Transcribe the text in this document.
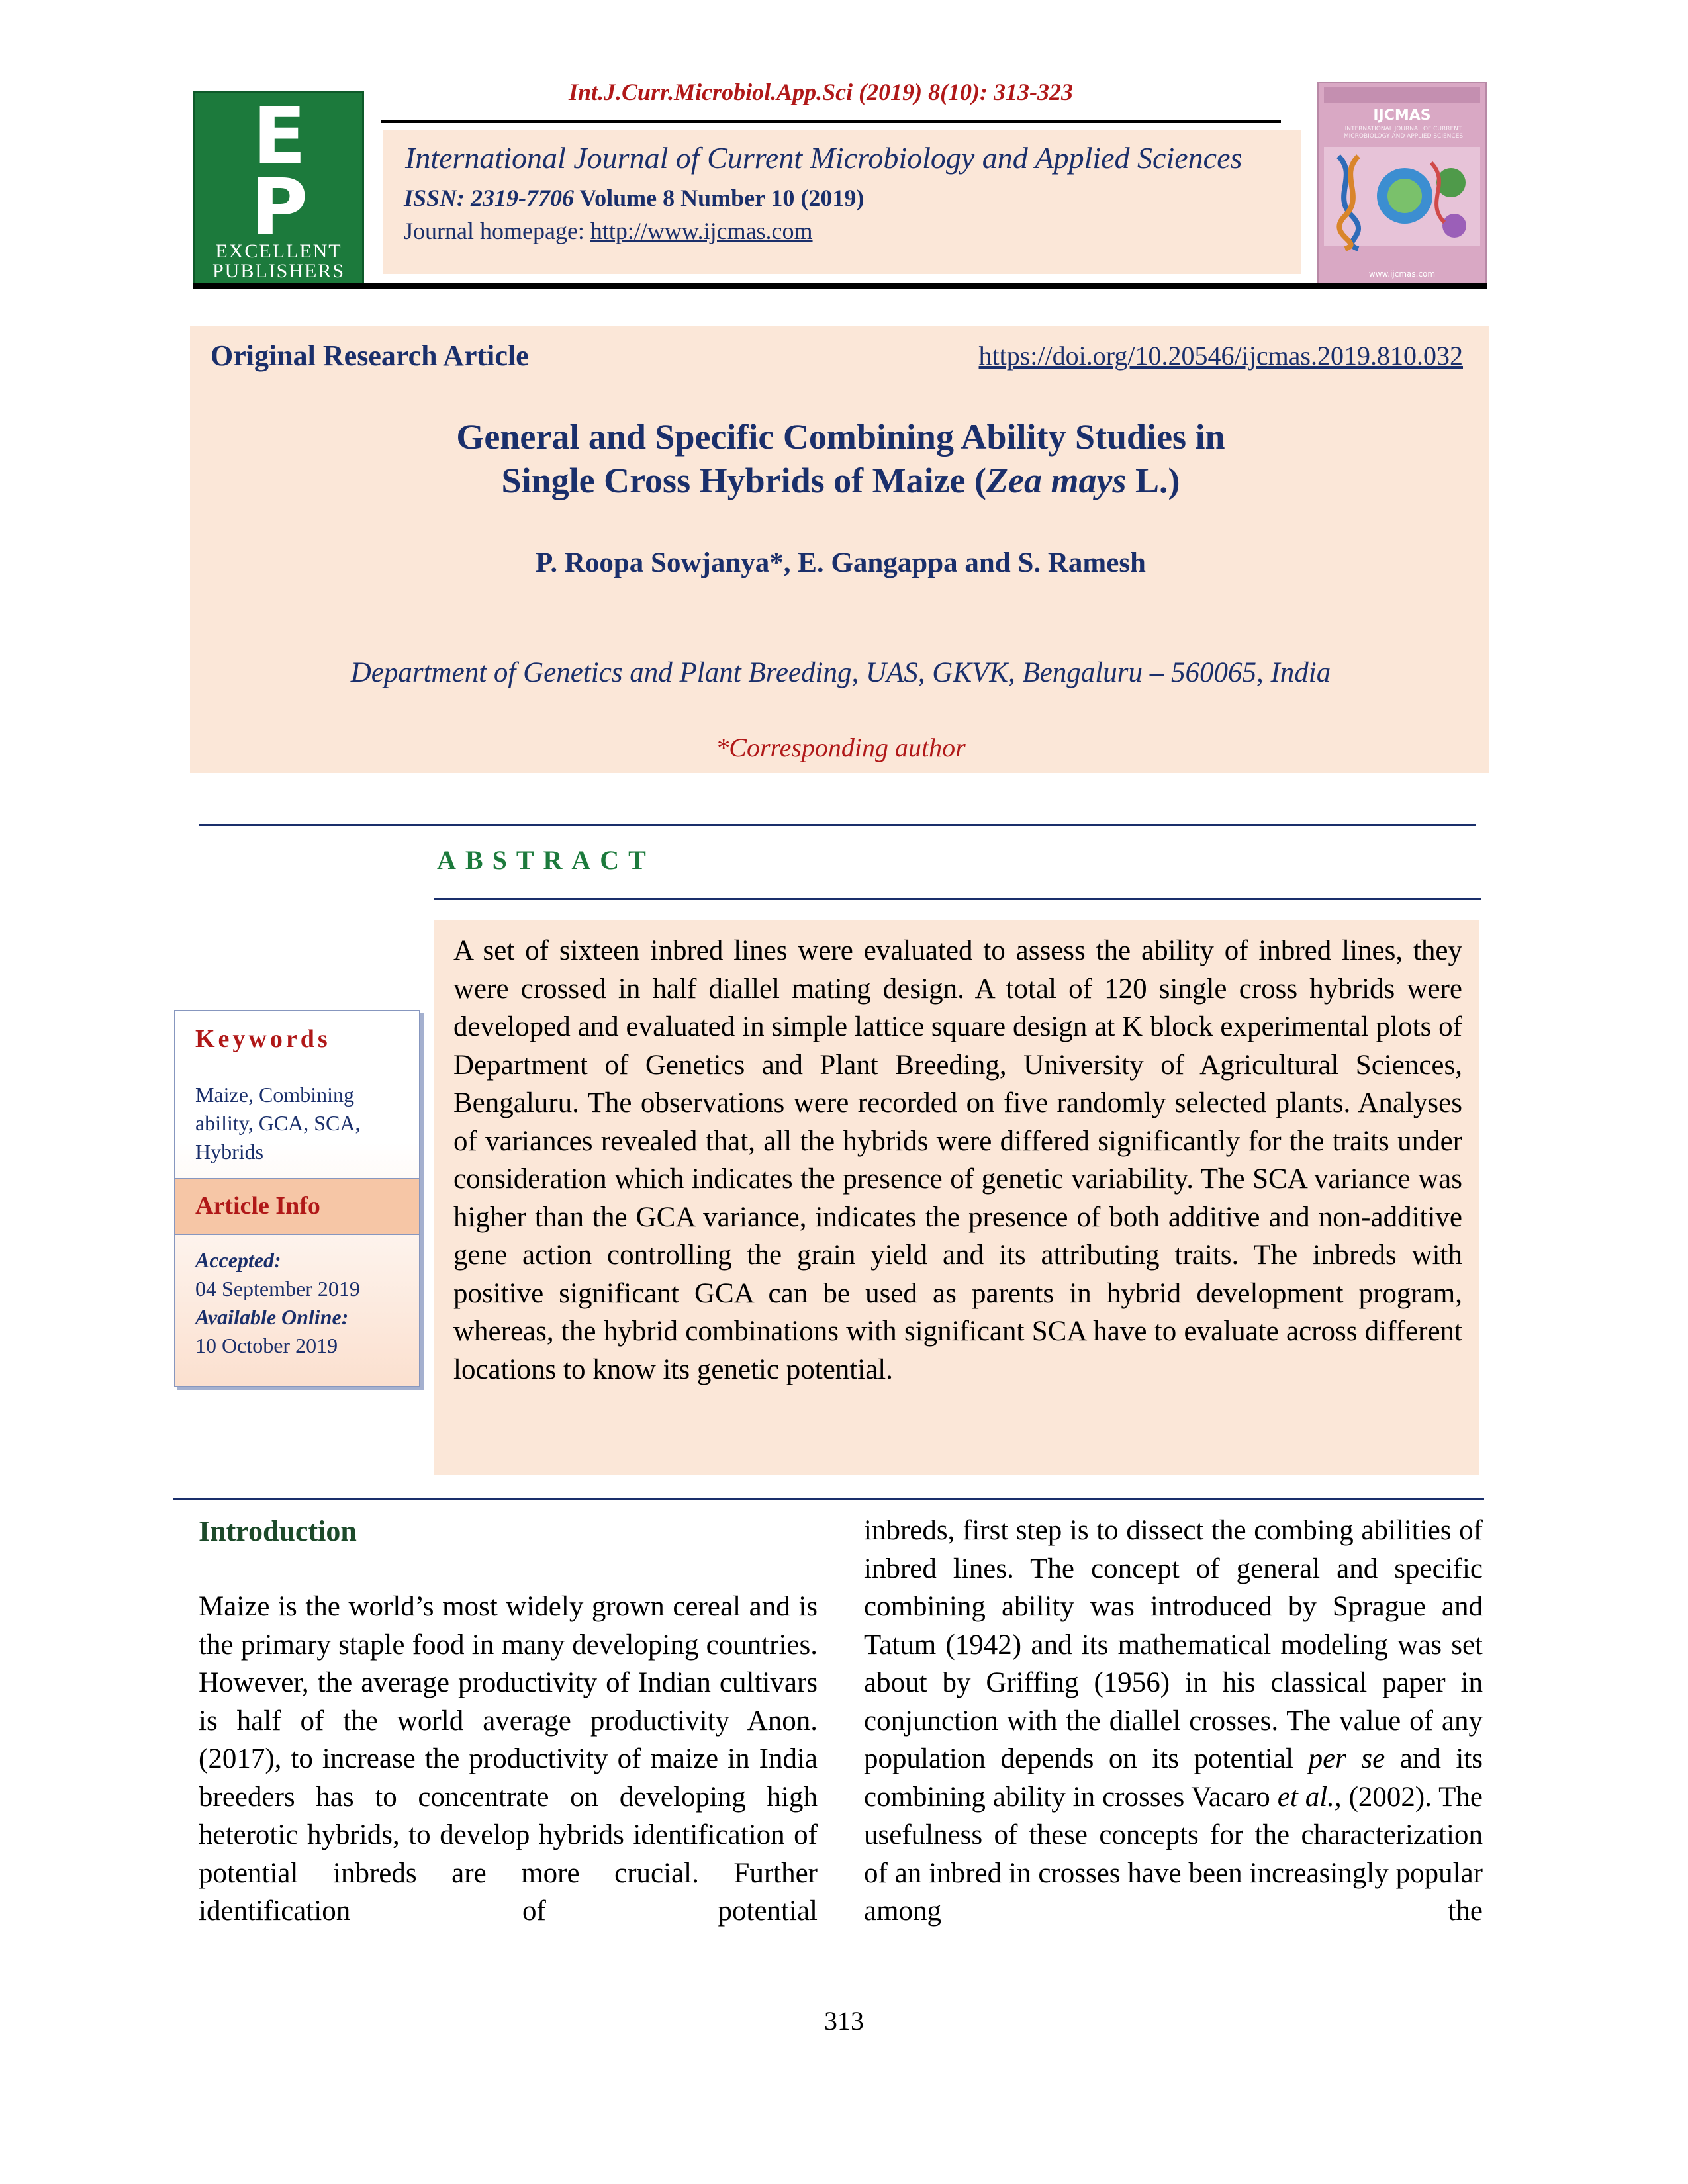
Int.J.Curr.Microbiol.App.Sci (2019) 8(10): 313-323
E
P
EXCELLENT
PUBLISHERS
International Journal of Current Microbiology and Applied Sciences
ISSN: 2319-7706 Volume 8 Number 10 (2019)
Journal homepage: http://www.ijcmas.com
IJCMAS
INTERNATIONAL JOURNAL OF CURRENT MICROBIOLOGY AND APPLIED SCIENCES
www.ijcmas.com
Original Research Article	https://doi.org/10.20546/ijcmas.2019.810.032
General and Specific Combining Ability Studies in
Single Cross Hybrids of Maize (Zea mays L.)
P. Roopa Sowjanya*, E. Gangappa and S. Ramesh
Department of Genetics and Plant Breeding, UAS, GKVK, Bengaluru – 560065, India
*Corresponding author
ABSTRACT
A set of sixteen inbred lines were evaluated to assess the ability of inbred lines, they were crossed in half diallel mating design. A total of 120 single cross hybrids were developed and evaluated in simple lattice square design at K block experimental plots of Department of Genetics and Plant Breeding, University of Agricultural Sciences, Bengaluru. The observations were recorded on five randomly selected plants. Analyses of variances revealed that, all the hybrids were differed significantly for the traits under consideration which indicates the presence of genetic variability. The SCA variance was higher than the GCA variance, indicates the presence of both additive and non-additive gene action controlling the grain yield and its attributing traits. The inbreds with positive significant GCA can be used as parents in hybrid development program, whereas, the hybrid combinations with significant SCA have to evaluate across different locations to know its genetic potential.
Keywords
Maize, Combining ability, GCA, SCA, Hybrids
Article Info
Accepted:
04 September 2019
Available Online:
10 October 2019
Introduction
Maize is the world’s most widely grown cereal and is the primary staple food in many developing countries. However, the average productivity of Indian cultivars is half of the world average productivity Anon. (2017), to increase the productivity of maize in India breeders has to concentrate on developing high heterotic hybrids, to develop hybrids identification of potential inbreds are more crucial. Further identification of potential
inbreds, first step is to dissect the combing abilities of inbred lines. The concept of general and specific combining ability was introduced by Sprague and Tatum (1942) and its mathematical modeling was set about by Griffing (1956) in his classical paper in conjunction with the diallel crosses. The value of any population depends on its potential per se and its combining ability in crosses Vacaro et al., (2002). The usefulness of these concepts for the characterization of an inbred in crosses have been increasingly popular among the
313
